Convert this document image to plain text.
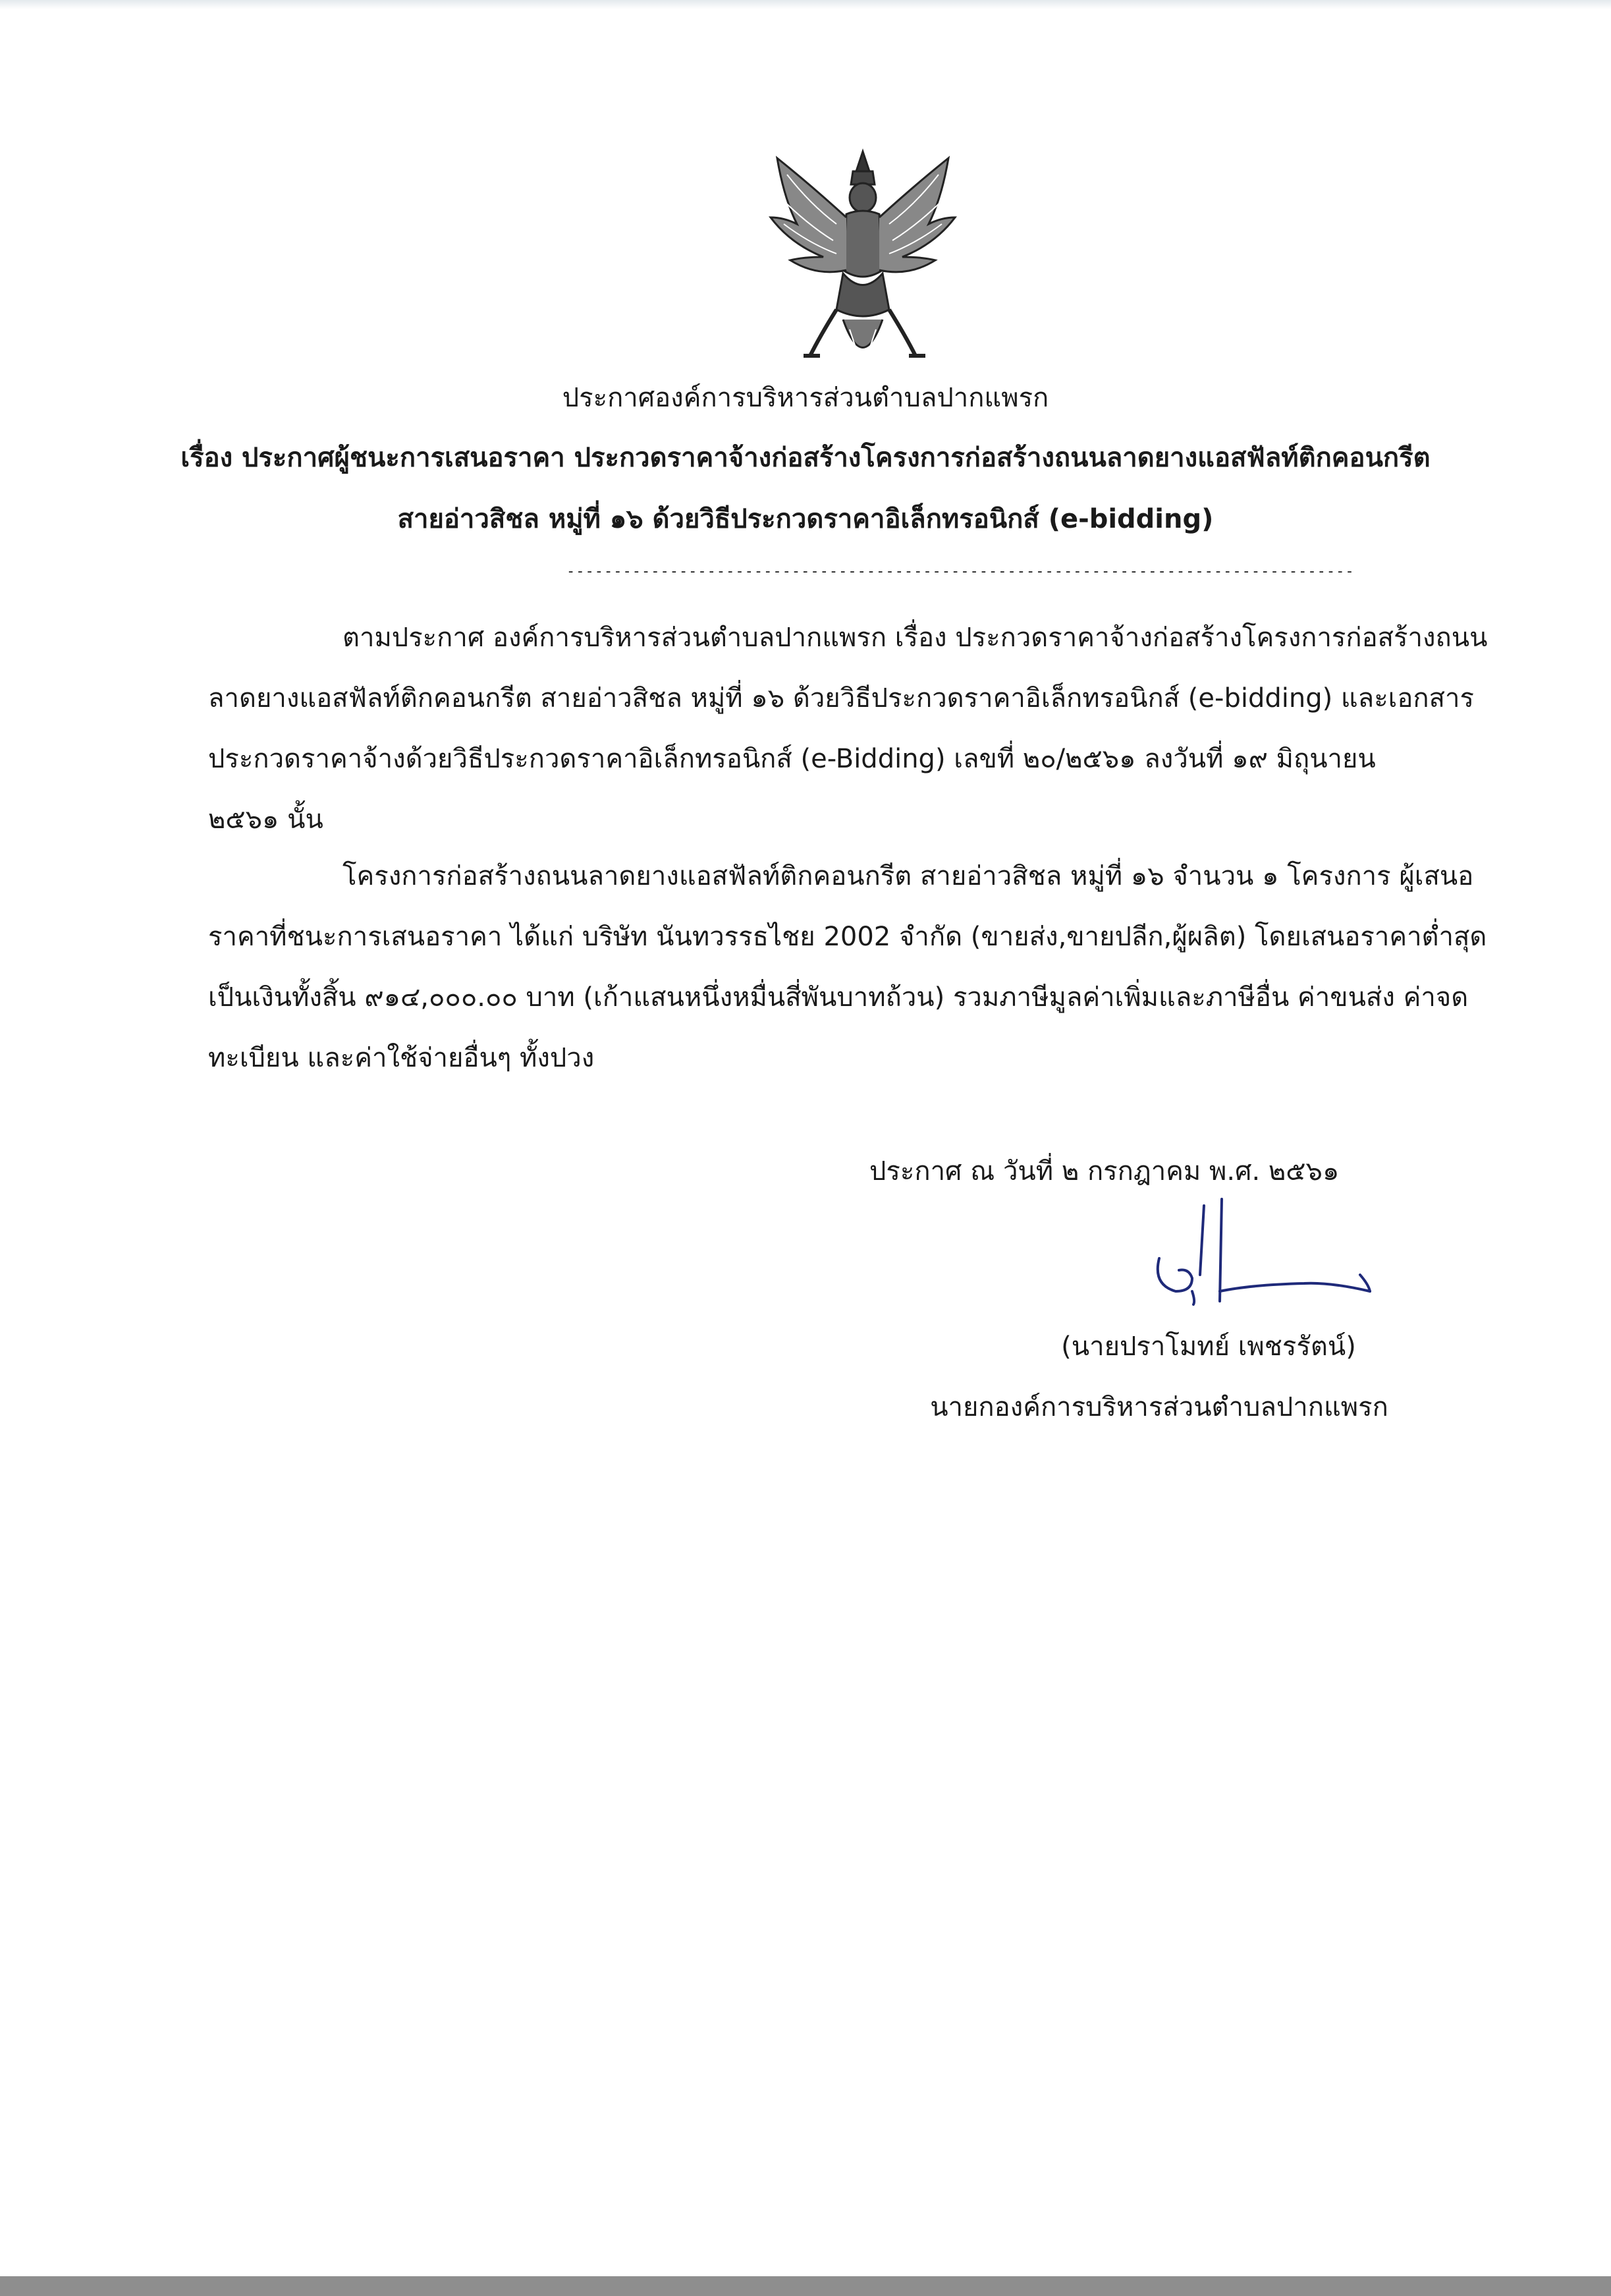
ประกาศองค์การบริหารส่วนตำบลปากแพรก
เรื่อง ประกาศผู้ชนะการเสนอราคา ประกวดราคาจ้างก่อสร้างโครงการก่อสร้างถนนลาดยางแอสฟัลท์ติกคอนกรีต
สายอ่าวสิชล หมู่ที่ ๑๖ ด้วยวิธีประกวดราคาอิเล็กทรอนิกส์ (e-bidding)
------------------------------------------------------------------------------------
ตามประกาศ องค์การบริหารส่วนตำบลปากแพรก เรื่อง ประกวดราคาจ้างก่อสร้างโครงการก่อสร้างถนน
ลาดยางแอสฟัลท์ติกคอนกรีต สายอ่าวสิชล หมู่ที่ ๑๖ ด้วยวิธีประกวดราคาอิเล็กทรอนิกส์ (e-bidding) และเอกสาร
ประกวดราคาจ้างด้วยวิธีประกวดราคาอิเล็กทรอนิกส์ (e-Bidding) เลขที่ ๒๐/๒๕๖๑ ลงวันที่ ๑๙ มิถุนายน
๒๕๖๑ นั้น
โครงการก่อสร้างถนนลาดยางแอสฟัลท์ติกคอนกรีต สายอ่าวสิชล หมู่ที่ ๑๖ จำนวน ๑ โครงการ ผู้เสนอ
ราคาที่ชนะการเสนอราคา ได้แก่ บริษัท นันทวรรธไชย 2002 จำกัด (ขายส่ง,ขายปลีก,ผู้ผลิต) โดยเสนอราคาต่ำสุด
เป็นเงินทั้งสิ้น ๙๑๔,๐๐๐.๐๐ บาท (เก้าแสนหนึ่งหมื่นสี่พันบาทถ้วน) รวมภาษีมูลค่าเพิ่มและภาษีอื่น ค่าขนส่ง ค่าจด
ทะเบียน และค่าใช้จ่ายอื่นๆ ทั้งปวง
ประกาศ ณ วันที่ ๒ กรกฎาคม พ.ศ. ๒๕๖๑
(นายปราโมทย์ เพชรรัตน์)
นายกองค์การบริหารส่วนตำบลปากแพรก
